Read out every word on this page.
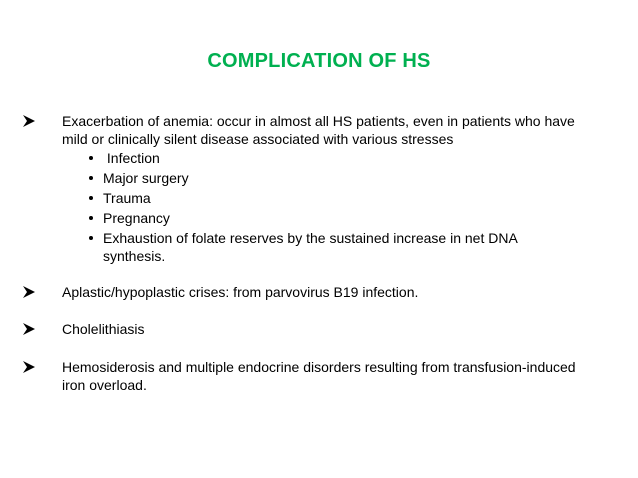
COMPLICATION OF HS
Exacerbation of anemia: occur in almost all HS patients, even in patients who have mild or clinically silent disease associated with various stresses
Infection
Major surgery
Trauma
Pregnancy
Exhaustion of folate reserves by the sustained increase in net DNA synthesis.
Aplastic/hypoplastic crises: from parvovirus B19 infection.
Cholelithiasis
Hemosiderosis and multiple endocrine disorders resulting from transfusion-induced iron overload.
